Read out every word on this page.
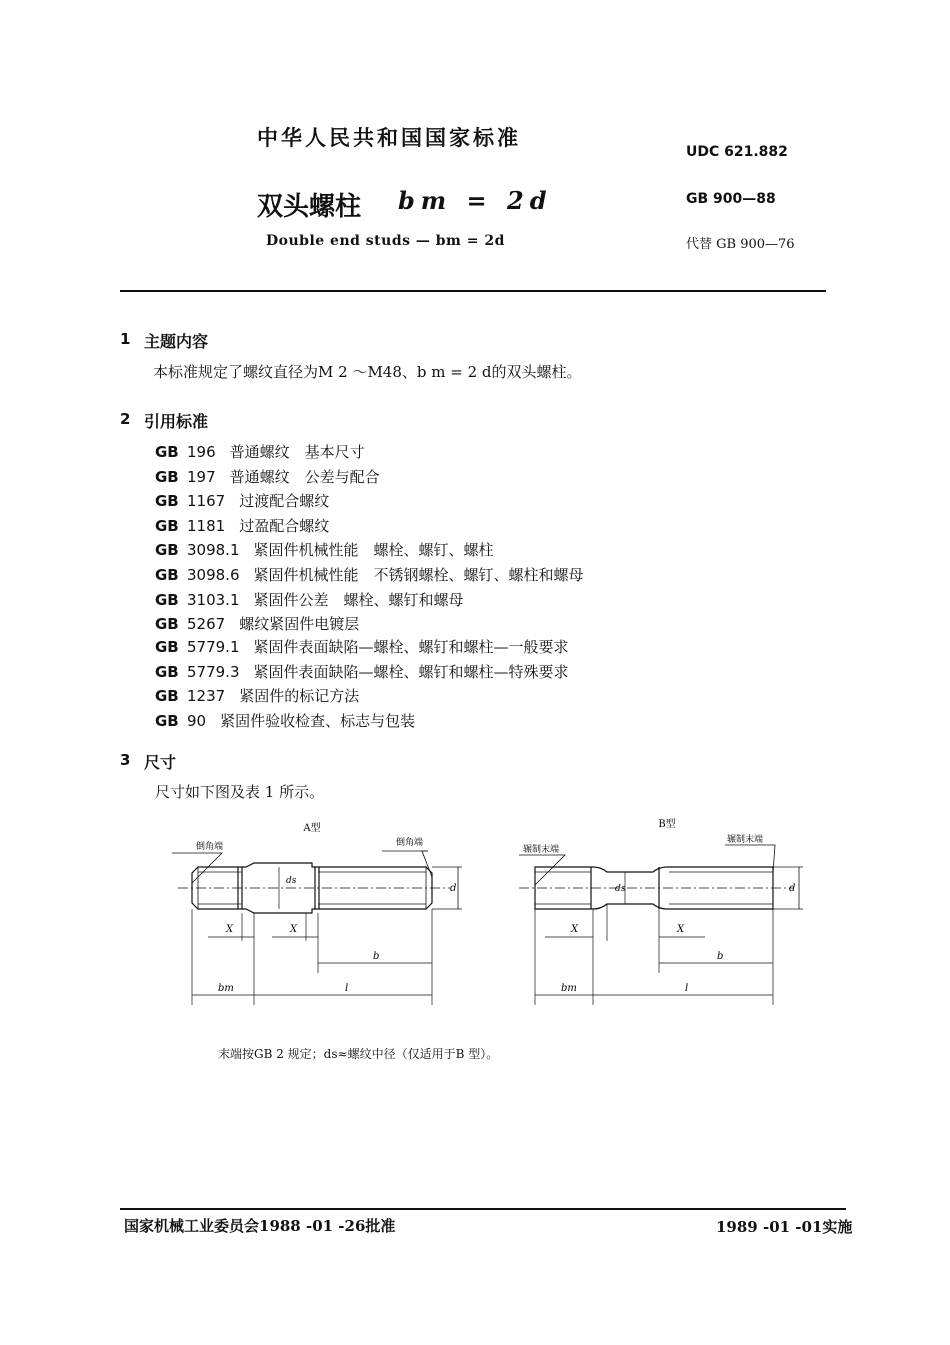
中华人民共和国国家标准
UDC 621.882
双头螺柱 bm = 2d	GB 900—88
Double end studs — bm = 2d	代替 GB 900—76
1 主题内容
本标准规定了螺纹直径为M 2 ～M48、b m = 2 d的双头螺柱。
2 引用标准
GB 196 普通螺纹　基本尺寸
GB 197 普通螺纹　公差与配合
GB 1167 过渡配合螺纹
GB 1181 过盈配合螺纹
GB 3098.1 紧固件机械性能　螺栓、螺钉、螺柱
GB 3098.6 紧固件机械性能　不锈钢螺栓、螺钉、螺柱和螺母
GB 3103.1 紧固件公差　螺栓、螺钉和螺母
GB 5267 螺纹紧固件电镀层
GB 5779.1 紧固件表面缺陷—螺栓、螺钉和螺柱—一般要求
GB 5779.3 紧固件表面缺陷—螺栓、螺钉和螺柱—特殊要求
GB 1237 紧固件的标记方法
GB 90 紧固件验收检查、标志与包装
3 尺寸
尺寸如下图及表 1 所示。
A型
倒角端	倒角端
ds
d
X	X
b
bm	l
B型
辗制末端
辗制末端
ds	d
X	X
b
bm	l
末端按GB 2 规定；ds≈螺纹中径（仅适用于B 型）。
国家机械工业委员会1988 -01 -26批准	1989 -01 -01实施
